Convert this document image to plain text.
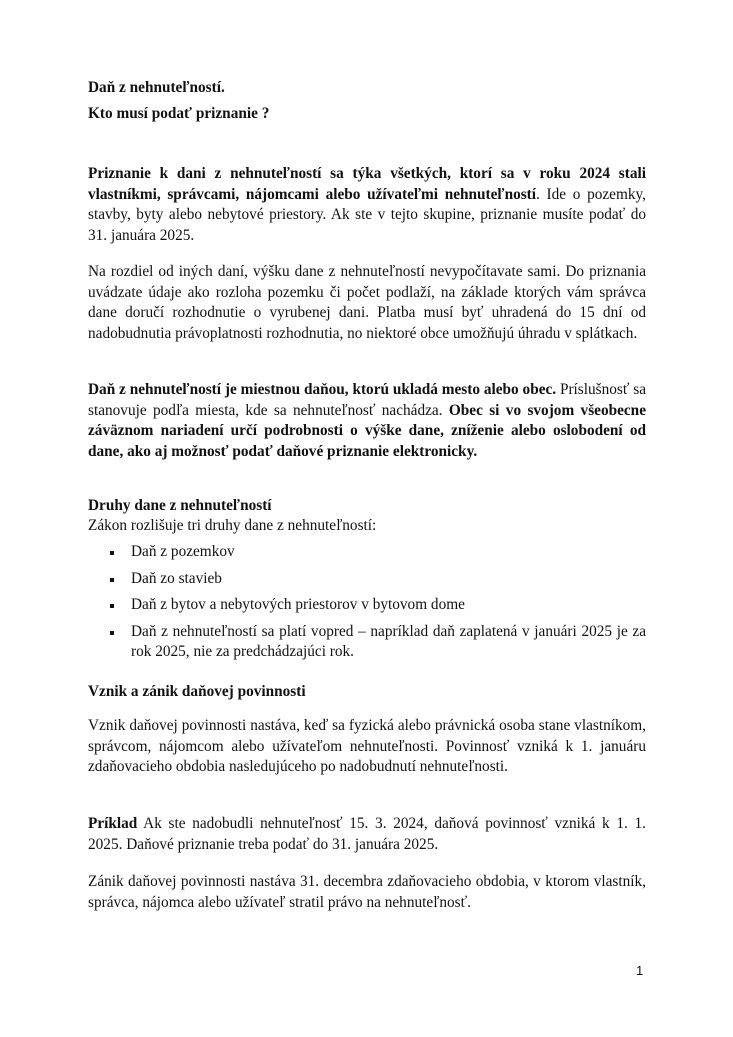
Daň z nehnuteľností.

Kto musí podať priznanie ?

Priznanie k dani z nehnuteľností sa týka všetkých, ktorí sa v roku 2024 stali vlastníkmi, správcami, nájomcami alebo užívateľmi nehnuteľností. Ide o pozemky, stavby, byty alebo nebytové priestory. Ak ste v tejto skupine, priznanie musíte podať do 31. januára 2025.

Na rozdiel od iných daní, výšku dane z nehnuteľností nevypočítavate sami. Do priznania uvádzate údaje ako rozloha pozemku či počet podlaží, na základe ktorých vám správca dane doručí rozhodnutie o vyrubenej dani. Platba musí byť uhradená do 15 dní od nadobudnutia právoplatnosti rozhodnutia, no niektoré obce umožňujú úhradu v splátkach.

Daň z nehnuteľností je miestnou daňou, ktorú ukladá mesto alebo obec. Príslušnosť sa stanovuje podľa miesta, kde sa nehnuteľnosť nachádza. Obec si vo svojom všeobecne záväznom nariadení určí podrobnosti o výške dane, zníženie alebo oslobodení od dane, ako aj možnosť podať daňové priznanie elektronicky.

Druhy dane z nehnuteľností

Zákon rozlišuje tri druhy dane z nehnuteľností:

Daň z pozemkov
Daň zo stavieb
Daň z bytov a nebytových priestorov v bytovom dome
Daň z nehnuteľností sa platí vopred – napríklad daň zaplatená v januári 2025 je za rok 2025, nie za predchádzajúci rok.

Vznik a zánik daňovej povinnosti

Vznik daňovej povinnosti nastáva, keď sa fyzická alebo právnická osoba stane vlastníkom, správcom, nájomcom alebo užívateľom nehnuteľnosti. Povinnosť vzniká k 1. januáru zdaňovacieho obdobia nasledujúceho po nadobudnutí nehnuteľnosti.

Príklad Ak ste nadobudli nehnuteľnosť 15. 3. 2024, daňová povinnosť vzniká k 1. 1. 2025. Daňové priznanie treba podať do 31. januára 2025.

Zánik daňovej povinnosti nastáva 31. decembra zdaňovacieho obdobia, v ktorom vlastník, správca, nájomca alebo užívateľ stratil právo na nehnuteľnosť.

1
